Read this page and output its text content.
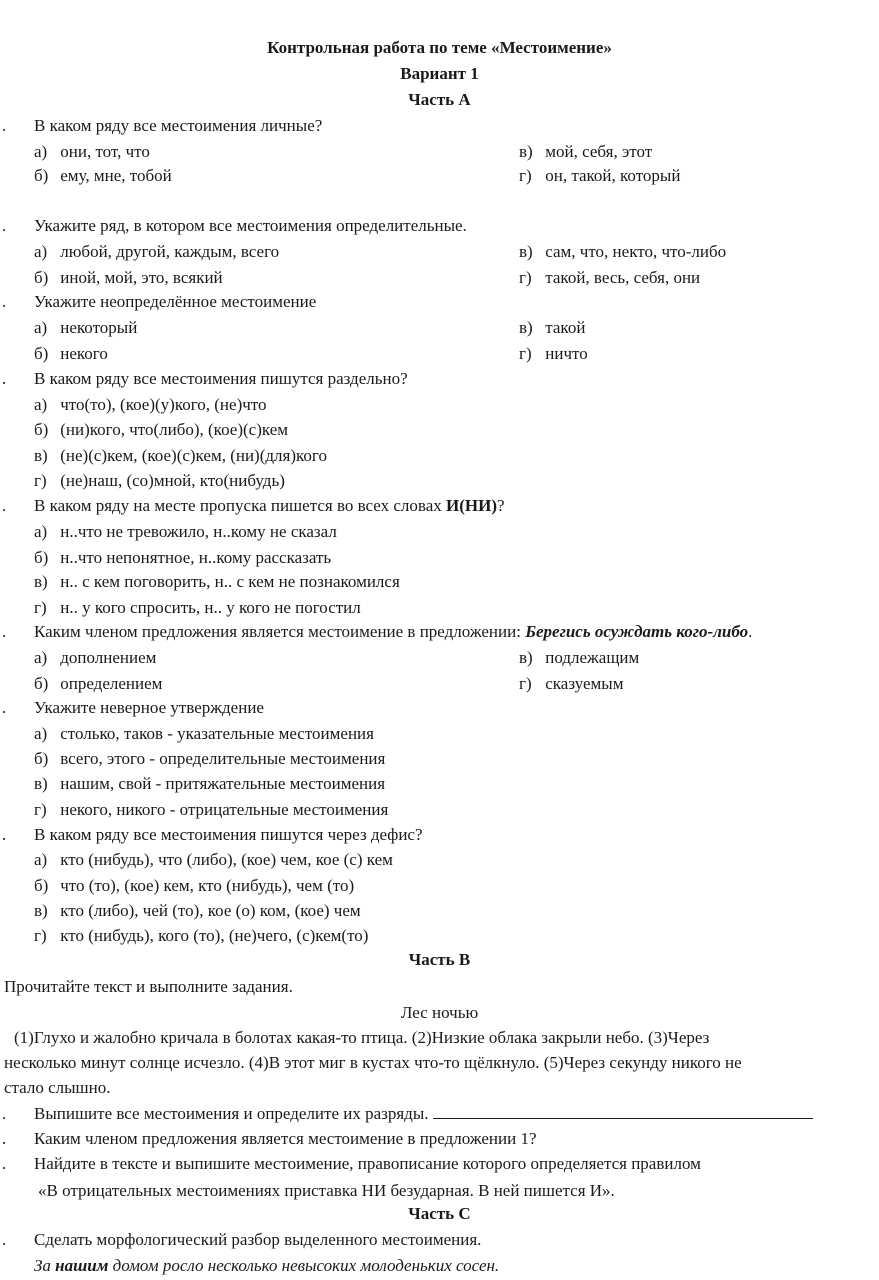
Контрольная работа по теме «Местоимение»
Вариант 1
Часть А
. В каком ряду все местоимения личные?
а) они, тот, что	в) мой, себя, этот
б) ему, мне, тобой	г) он, такой, который
. Укажите ряд, в котором все местоимения определительные.
а) любой, другой, каждым, всего	в) сам, что, некто, что-либо
б) иной, мой, это, всякий	г) такой, весь, себя, они
. Укажите неопределённое местоимение
а) некоторый	в) такой
б) некого	г) ничто
. В каком ряду все местоимения пишутся раздельно?
а) что(то), (кое)(у)кого, (не)что
б) (ни)кого, что(либо), (кое)(с)кем
в) (не)(с)кем, (кое)(с)кем, (ни)(для)кого
г) (не)наш, (со)мной, кто(нибудь)
. В каком ряду на месте пропуска пишется во всех словах И(НИ)?
а) н..что не тревожило, н..кому не сказал
б) н..что непонятное, н..кому рассказать
в) н.. с кем поговорить, н.. с кем не познакомился
г) н.. у кого спросить, н.. у кого не погостил
. Каким членом предложения является местоимение в предложении: Берегись осуждать кого-либо.
а) дополнением	в) подлежащим
б) определением	г) сказуемым
. Укажите неверное утверждение
а) столько, таков - указательные местоимения
б) всего, этого - определительные местоимения
в) нашим, свой - притяжательные местоимения
г) некого, никого - отрицательные местоимения
. В каком ряду все местоимения пишутся через дефис?
а) кто (нибудь), что (либо), (кое) чем, кое (с) кем
б) что (то), (кое) кем, кто (нибудь), чем (то)
в) кто (либо), чей (то), кое (о) ком, (кое) чем
г) кто (нибудь), кого (то), (не)чего, (с)кем(то)
Часть В
Прочитайте текст и выполните задания.
Лес ночью
(1)Глухо и жалобно кричала в болотах какая-то птица. (2)Низкие облака закрыли небо. (3)Через
несколько минут солнце исчезло. (4)В этот миг в кустах что-то щёлкнуло. (5)Через секунду никого не
стало слышно.
. Выпишите все местоимения и определите их разряды.
. Каким членом предложения является местоимение в предложении 1?
. Найдите в тексте и выпишите местоимение, правописание которого определяется правилом
«В отрицательных местоимениях приставка НИ безударная. В ней пишется И».
Часть С
. Сделать морфологический разбор выделенного местоимения.
За нашим домом росло несколько невысоких молоденьких сосен.
